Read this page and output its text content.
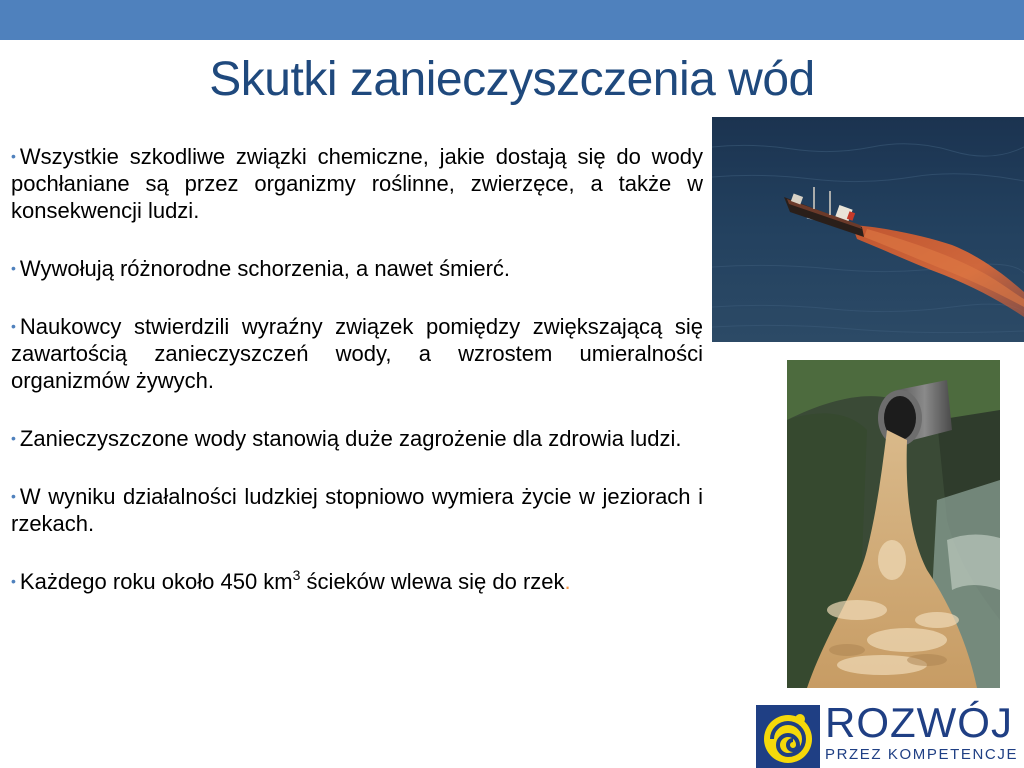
Skutki zanieczyszczenia wód

• Wszystkie szkodliwe związki chemiczne, jakie dostają się do wody pochłaniane są przez organizmy roślinne, zwierzęce, a także w konsekwencji ludzi.

• Wywołują różnorodne schorzenia, a nawet śmierć.

• Naukowcy stwierdzili wyraźny związek pomiędzy zwiększającą się zawartością zanieczyszczeń wody, a wzrostem umieralności organizmów żywych.

• Zanieczyszczone wody stanowią duże zagrożenie dla zdrowia ludzi.

• W wyniku działalności ludzkiej stopniowo wymiera życie w jeziorach i rzekach.

• Każdego roku około 450 $km^3$ ścieków wlewa się do rzek.

ROZWÓJ
PRZEZ KOMPETENCJE
